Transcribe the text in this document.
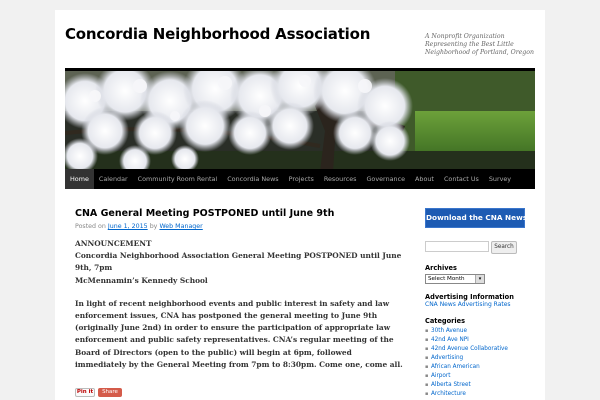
Concordia Neighborhood Association	A Nonprofit Organization Representing the Best Little Neighborhood of Portland, Oregon
Home	Calendar	Community Room Rental	Concordia News	Projects	Resources	Governance	About	Contact Us	Survey
CNA General Meeting POSTPONED until June 9th
Posted on June 1, 2015 by Web Manager

ANNOUNCEMENT

Concordia Neighborhood Association General Meeting POSTPONED until June 9th, 7pm

McMennamin’s Kennedy School

In light of recent neighborhood events and public interest in safety and law enforcement issues, CNA has postponed the general meeting to June 9th (originally June 2nd) in order to ensure the participation of appropriate law enforcement and public safety representatives. CNA’s regular meeting of the Board of Directors (open to the public) will begin at 6pm, followed immediately by the General Meeting from 7pm to 8:30pm. Come one, come all.

Pin it	Share
Download the CNA News
Search
Archives
Select Month	▾
Advertising Information
CNA News Advertising Rates
Categories
▪ 30th Avenue
▪ 42nd Ave NPI
▪ 42nd Avenue Collaborative
▪ Advertising
▪ African American
▪ Airport
▪ Alberta Street
▪ Architecture
